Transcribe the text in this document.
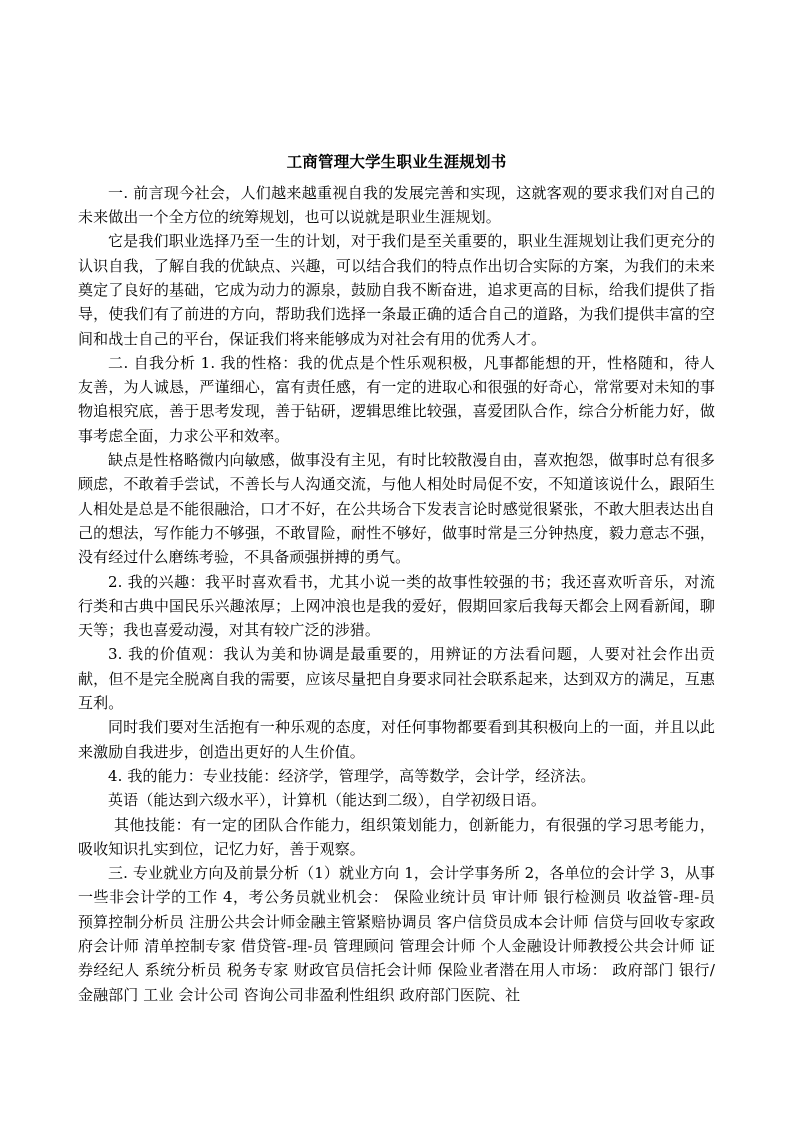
工商管理大学生职业生涯规划书

一. 前言现今社会，人们越来越重视自我的发展完善和实现，这就客观的要求我们对自己的未来做出一个全方位的统筹规划，也可以说就是职业生涯规划。

它是我们职业选择乃至一生的计划，对于我们是至关重要的，职业生涯规划让我们更充分的认识自我，了解自我的优缺点、兴趣，可以结合我们的特点作出切合实际的方案，为我们的未来奠定了良好的基础，它成为动力的源泉，鼓励自我不断奋进，追求更高的目标，给我们提供了指导，使我们有了前进的方向，帮助我们选择一条最正确的适合自己的道路，为我们提供丰富的空间和战士自己的平台，保证我们将来能够成为对社会有用的优秀人才。

二. 自我分析 1. 我的性格：我的优点是个性乐观积极，凡事都能想的开，性格随和，待人友善，为人诚恳，严谨细心，富有责任感，有一定的进取心和很强的好奇心，常常要对未知的事物追根究底，善于思考发现，善于钻研，逻辑思维比较强，喜爱团队合作，综合分析能力好，做事考虑全面，力求公平和效率。

缺点是性格略微内向敏感，做事没有主见，有时比较散漫自由，喜欢抱怨，做事时总有很多顾虑，不敢着手尝试，不善长与人沟通交流，与他人相处时局促不安，不知道该说什么，跟陌生人相处是总是不能很融洽，口才不好，在公共场合下发表言论时感觉很紧张，不敢大胆表达出自己的想法，写作能力不够强，不敢冒险，耐性不够好，做事时常是三分钟热度，毅力意志不强，没有经过什么磨练考验，不具备顽强拼搏的勇气。

2. 我的兴趣：我平时喜欢看书，尤其小说一类的故事性较强的书；我还喜欢听音乐，对流行类和古典中国民乐兴趣浓厚；上网冲浪也是我的爱好，假期回家后我每天都会上网看新闻，聊天等；我也喜爱动漫，对其有较广泛的涉猎。

3. 我的价值观：我认为美和协调是最重要的，用辨证的方法看问题，人要对社会作出贡献，但不是完全脱离自我的需要，应该尽量把自身要求同社会联系起来，达到双方的满足，互惠互利。

同时我们要对生活抱有一种乐观的态度，对任何事物都要看到其积极向上的一面，并且以此来激励自我进步，创造出更好的人生价值。

4. 我的能力：专业技能：经济学，管理学，高等数学，会计学，经济法。

英语（能达到六级水平），计算机（能达到二级），自学初级日语。

其他技能：有一定的团队合作能力，组织策划能力，创新能力，有很强的学习思考能力，吸收知识扎实到位，记忆力好，善于观察。

三. 专业就业方向及前景分析（1）就业方向 1，会计学事务所 2，各单位的会计学 3，从事一些非会计学的工作 4，考公务员就业机会： 保险业统计员 审计师 银行检测员 收益管-理-员 预算控制分析员 注册公共会计师金融主管紧赔协调员 客户信贷员成本会计师 信贷与回收专家政府会计师 清单控制专家 借贷管-理-员 管理顾问 管理会计师 个人金融设计师教授公共会计师 证券经纪人 系统分析员 税务专家 财政官员信托会计师 保险业者潜在用人市场： 政府部门 银行/金融部门 工业 会计公司 咨询公司非盈利性组织 政府部门医院、社
